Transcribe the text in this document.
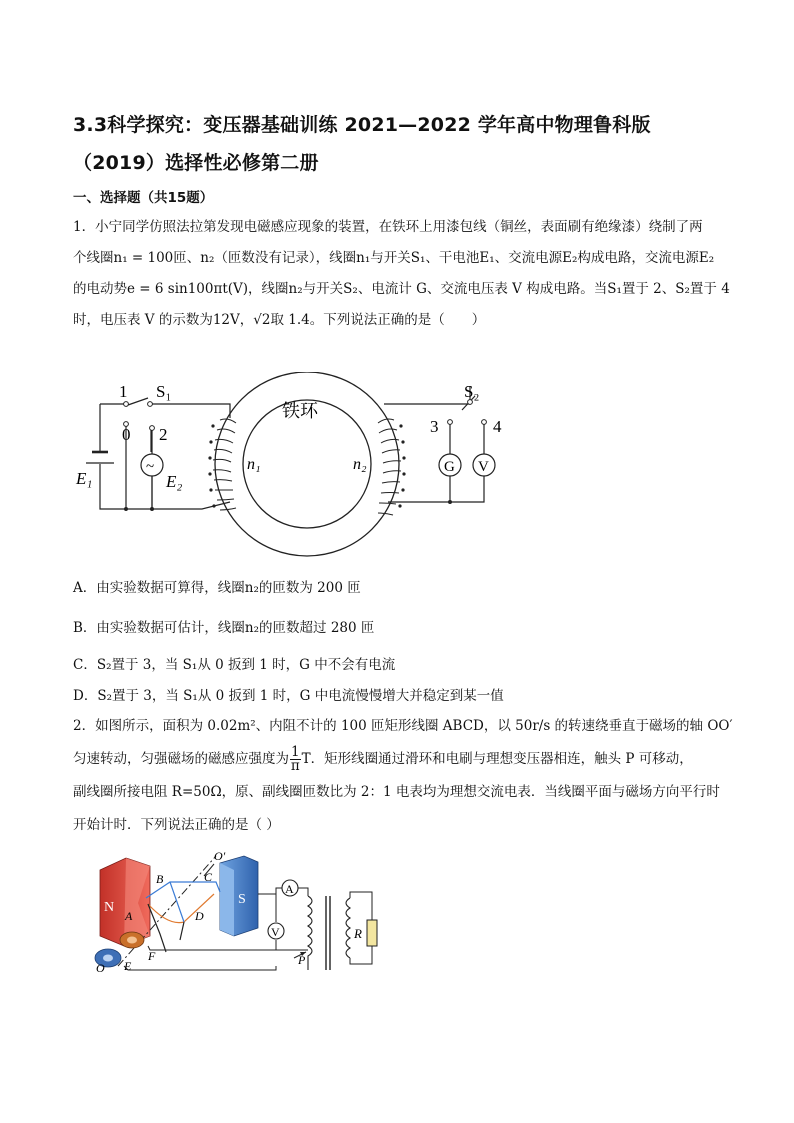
3.3科学探究：变压器基础训练 2021—2022 学年高中物理鲁科版
（2019）选择性必修第二册
一、选择题（共15题）
1．小宁同学仿照法拉第发现电磁感应现象的装置，在铁环上用漆包线（铜丝，表面刷有绝缘漆）绕制了两
个线圈n₁ = 100匝、n₂（匝数没有记录），线圈n₁与开关S₁、干电池E₁、交流电源E₂构成电路，交流电源E₂
的电动势e = 6 sin100πt(V)，线圈n₂与开关S₂、电流计 G、交流电压表 V 构成电路。当S₁置于 2、S₂置于 4
时，电压表 V 的示数为12V，√2取 1.4。下列说法正确的是（　　）
铁环
n₁	n₂
~
1 S₁
0 2
E₁	E₂
G V
S₂
3	4
A．由实验数据可算得，线圈n₂的匝数为 200 匝
B．由实验数据可估计，线圈n₂的匝数超过 280 匝
C．S₂置于 3，当 S₁从 0 扳到 1 时，G 中不会有电流
D．S₂置于 3，当 S₁从 0 扳到 1 时，G 中电流慢慢增大并稳定到某一值
2．如图所示，面积为 0.02m²、内阻不计的 100 匝矩形线圈 ABCD，以 50r/s 的转速绕垂直于磁场的轴 OO′
匀速转动，匀强磁场的磁感应强度为 $\frac{1}{\pi}$ T．矩形线圈通过滑环和电刷与理想变压器相连，触头 P 可移动，
副线圈所接电阻 R=50Ω，原、副线圈匝数比为 2：1 电表均为理想交流电表．当线圈平面与磁场方向平行时
开始计时．下列说法正确的是（ ）
N
S
A
V
A
B	C
D
E
F
O
O′
P
R
